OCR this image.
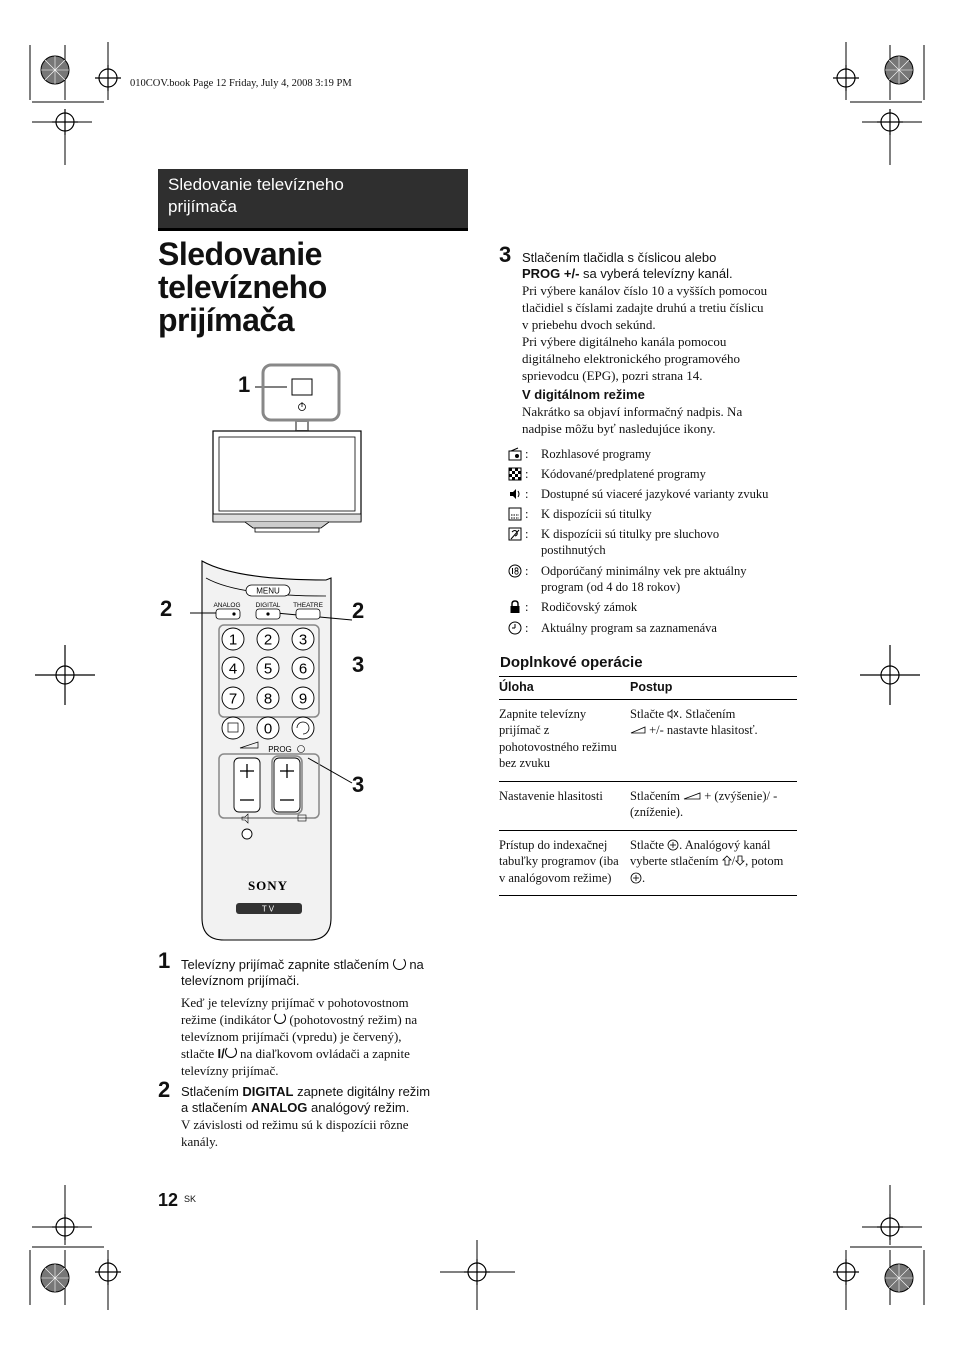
010COV.book Page 12 Friday, July 4, 2008 3:19 PM
Sledovanie televízneho
prijímača
Sledovanie
televízneho
prijímača
1
2	2
3
3
MENU
ANALOG DIGITAL THEATRE
1 2 3
4 5 6
7 8 9
0
PROG
SONY
TV
1 Televízny prijímač zapnite stlačením  na
televíznom prijímači.
Keď je televízny prijímač v pohotovostnom
režime (indikátor  (pohotovostný režim) na
televíznom prijímači (vpredu) je červený),
stlačte I/ na diaľkovom ovládači a zapnite
televízny prijímač.
2 Stlačením DIGITAL zapnete digitálny režim
a stlačením ANALOG analógový režim.
V závislosti od režimu sú k dispozícii rôzne
kanály.
3 Stlačením tlačidla s číslicou alebo
PROG +/- sa vyberá televízny kanál.
Pri výbere kanálov číslo 10 a vyšších pomocou
tlačidiel s číslami zadajte druhú a tretiu číslicu
v priebehu dvoch sekúnd.
Pri výbere digitálneho kanála pomocou
digitálneho elektronického programového
sprievodcu (EPG), pozri strana 14.
V digitálnom režime
Nakrátko sa objaví informačný nadpis. Na
nadpise môžu byť nasledujúce ikony.
: Rozhlasové programy
: Kódované/predplatené programy
: Dostupné sú viaceré jazykové varianty zvuku
: K dispozícii sú titulky
: K dispozícii sú titulky pre sluchovo postihnutých
: Odporúčaný minimálny vek pre aktuálny program (od 4 do 18 rokov)
: Rodičovský zámok
: Aktuálny program sa zaznamenáva
Doplnkové operácie
Úloha	Postup
Zapnite televízny prijímač z pohotovostného režimu bez zvuku	Stlačte . Stlačením
+/- nastavte hlasitosť.
Nastavenie hlasitosti	Stlačením  + (zvýšenie)/ - (zníženie).
Prístup do indexačnej tabuľky programov (iba v analógovom režime)	Stlačte . Analógový kanál vyberte stlačením / , potom .
12 SK
